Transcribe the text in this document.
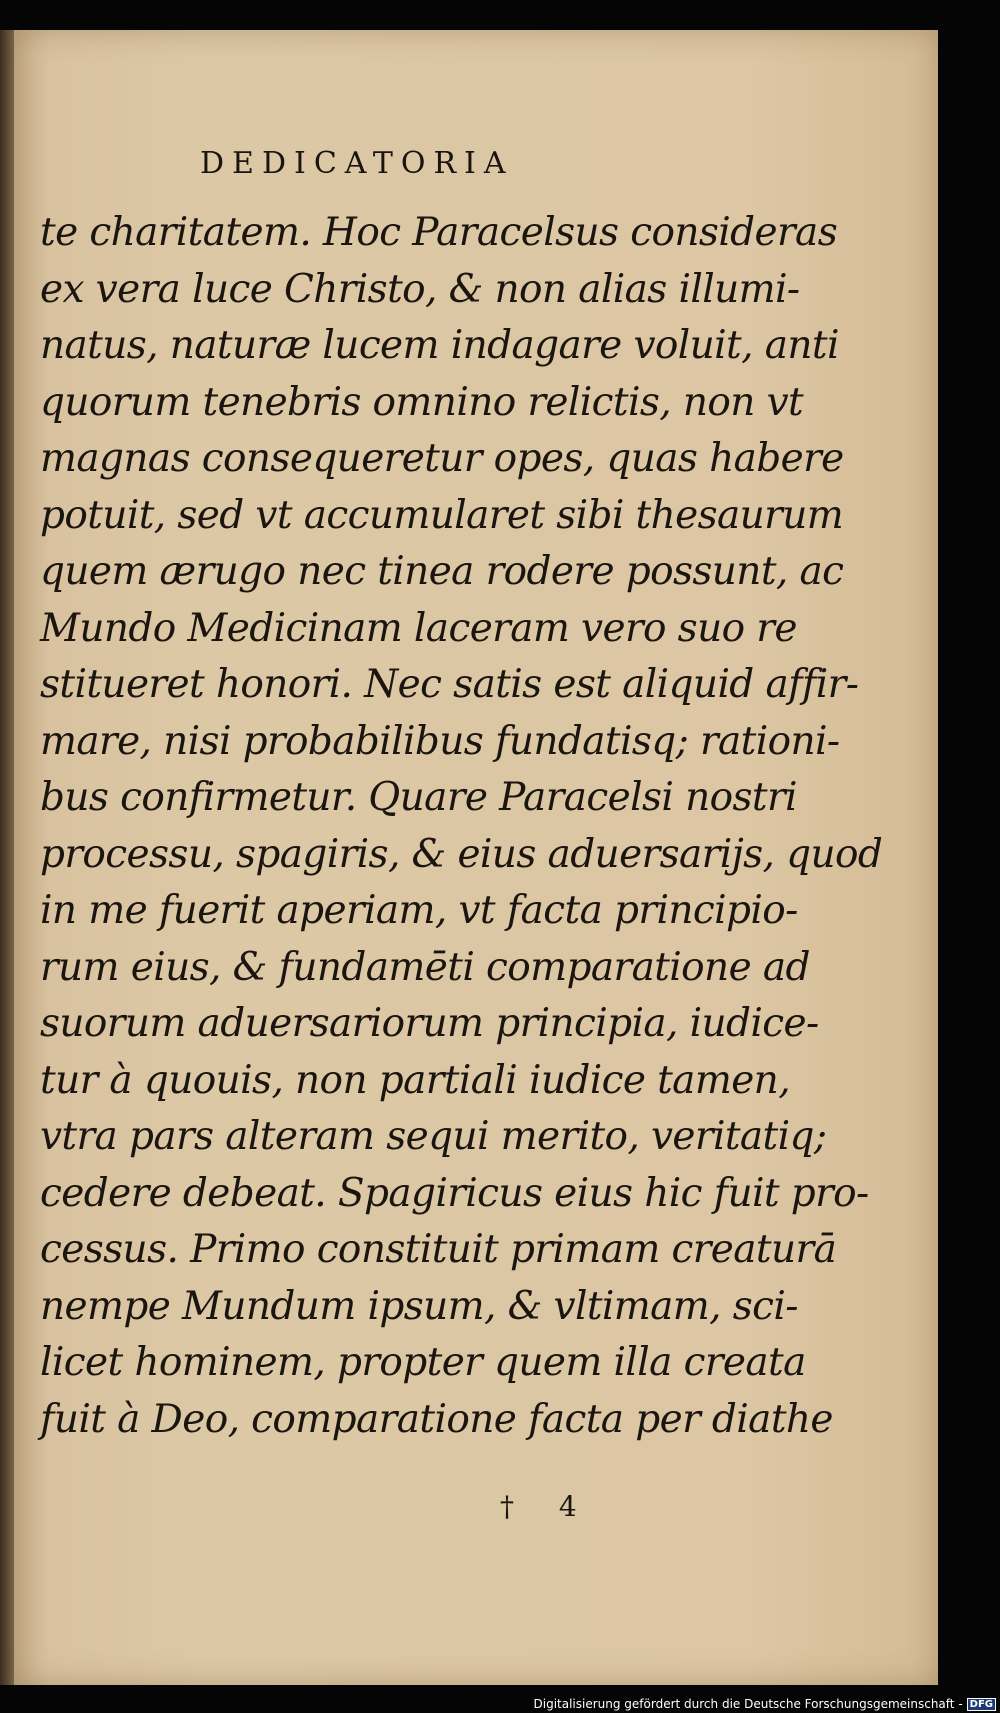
DEDICATORIA
te charitatem. Hoc Paracelsus consideras
ex vera luce Christo, & non alias illumi-
natus, naturæ lucem indagare voluit, anti
quorum tenebris omnino relictis, non vt
magnas consequeretur opes, quas habere
potuit, sed vt accumularet sibi thesaurum
quem ærugo nec tinea rodere possunt, ac
Mundo Medicinam laceram vero suo re
stitueret honori. Nec satis est aliquid affir-
mare, nisi probabilibus fundatisq; rationi-
bus confirmetur. Quare Paracelsi nostri
processu, spagiris, & eius aduersarijs, quod
in me fuerit aperiam, vt facta principio-
rum eius, & fundamēti comparatione ad
suorum aduersariorum principia, iudice-
tur à quouis, non partiali iudice tamen,
vtra pars alteram sequi merito, veritatiq;
cedere debeat. Spagiricus eius hic fuit pro-
cessus. Primo constituit primam creaturā
nempe Mundum ipsum, & vltimam, sci-
licet hominem, propter quem illa creata
fuit à Deo, comparatione facta per diathe
† 4
Digitalisierung gefördert durch die Deutsche Forschungsgemeinschaft - DFG
